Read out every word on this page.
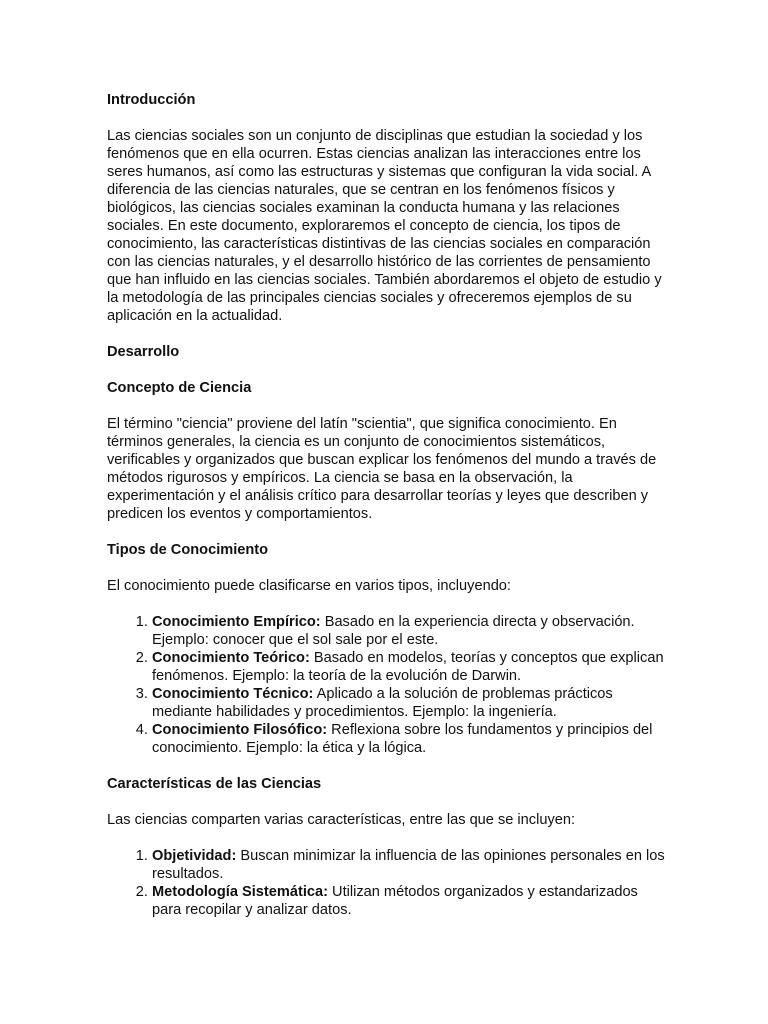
Introducción

Las ciencias sociales son un conjunto de disciplinas que estudian la sociedad y los fenómenos que en ella ocurren. Estas ciencias analizan las interacciones entre los seres humanos, así como las estructuras y sistemas que configuran la vida social. A diferencia de las ciencias naturales, que se centran en los fenómenos físicos y biológicos, las ciencias sociales examinan la conducta humana y las relaciones sociales. En este documento, exploraremos el concepto de ciencia, los tipos de conocimiento, las características distintivas de las ciencias sociales en comparación con las ciencias naturales, y el desarrollo histórico de las corrientes de pensamiento que han influido en las ciencias sociales. También abordaremos el objeto de estudio y la metodología de las principales ciencias sociales y ofreceremos ejemplos de su aplicación en la actualidad.

Desarrollo

Concepto de Ciencia

El término "ciencia" proviene del latín "scientia", que significa conocimiento. En términos generales, la ciencia es un conjunto de conocimientos sistemáticos, verificables y organizados que buscan explicar los fenómenos del mundo a través de métodos rigurosos y empíricos. La ciencia se basa en la observación, la experimentación y el análisis crítico para desarrollar teorías y leyes que describen y predicen los eventos y comportamientos.

Tipos de Conocimiento

El conocimiento puede clasificarse en varios tipos, incluyendo:

1. Conocimiento Empírico: Basado en la experiencia directa y observación. Ejemplo: conocer que el sol sale por el este.
2. Conocimiento Teórico: Basado en modelos, teorías y conceptos que explican fenómenos. Ejemplo: la teoría de la evolución de Darwin.
3. Conocimiento Técnico: Aplicado a la solución de problemas prácticos mediante habilidades y procedimientos. Ejemplo: la ingeniería.
4. Conocimiento Filosófico: Reflexiona sobre los fundamentos y principios del conocimiento. Ejemplo: la ética y la lógica.

Características de las Ciencias

Las ciencias comparten varias características, entre las que se incluyen:

1. Objetividad: Buscan minimizar la influencia de las opiniones personales en los resultados.
2. Metodología Sistemática: Utilizan métodos organizados y estandarizados para recopilar y analizar datos.
